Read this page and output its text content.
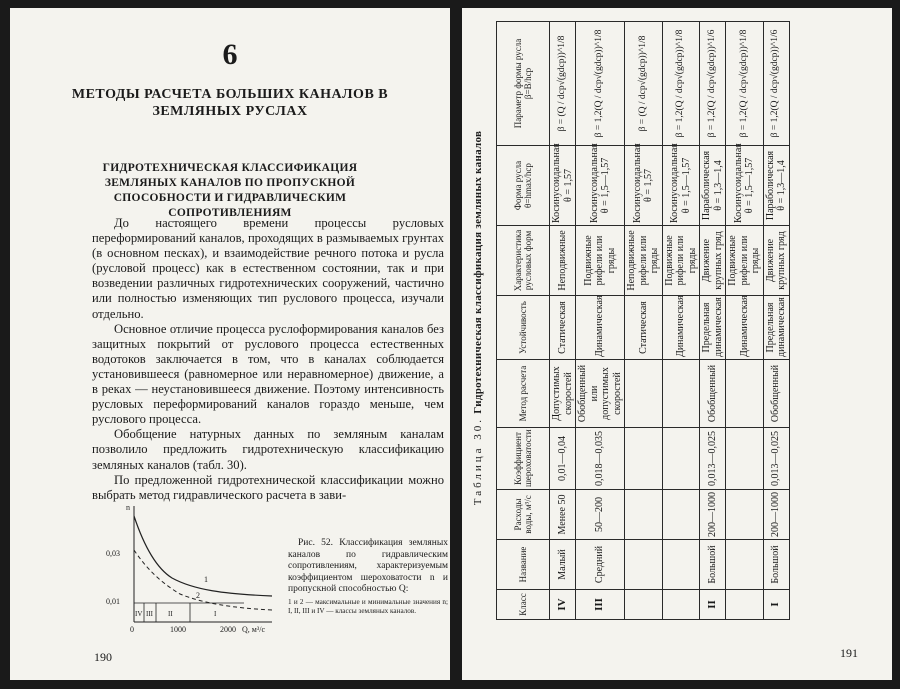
6
МЕТОДЫ РАСЧЕТА БОЛЬШИХ КАНАЛОВ В ЗЕМЛЯНЫХ РУСЛАХ
ГИДРОТЕХНИЧЕСКАЯ КЛАССИФИКАЦИЯ ЗЕМЛЯНЫХ КАНАЛОВ ПО ПРОПУСКНОЙ СПОСОБНОСТИ И ГИДРАВЛИЧЕСКИМ СОПРОТИВЛЕНИЯМ

До настоящего времени процессы русловых переформирований каналов, проходящих в размываемых грунтах (в основном песках), и взаимодействие речного потока и русла (русловой процесс) как в естественном состоянии, так и при возведении различных гидротехнических сооружений, частично или полностью изменяющих тип руслового процесса, изучали отдельно.

Основное отличие процесса руслоформирования каналов без защитных покрытий от руслового процесса естественных водотоков заключается в том, что в каналах соблюдается установившееся (равномерное или неравномерное) движение, а в реках — неустановившееся движение. Поэтому интенсивность русловых переформирований каналов гораздо меньше, чем руслового процесса.

Обобщение натурных данных по земляным каналам позволило предложить гидротехническую классификацию земляных каналов (табл. 30).

По предложенной гидротехнической классификации можно выбрать метод гидравлического расчета в зави-

n
0,03
0,01
0	1000	2000 Q, м³/с
1
2
IV III II	I
Рис. 52. Классификация земляных каналов по гидравлическим сопротивлениям, характеризуемым коэффициентом шероховатости n и пропускной способностью Q:
1 и 2 — максимальные и минимальные значения n; I, II, III и IV — классы земляных каналов.
190
Таблица 30. Гидротехническая классификация земляных каналов
Класс	Название	Расходы воды, м³/с	Коэффициент шероховатости	Метод расчета	Устойчивость	Характеристика русловых форм	Форма русла θ=hmax/hср	Параметр формы русла β=B/hср
IV	Малый	Менее 50	0,01—0,04	Допустимых скоростей	Статическая	Неподвижные	Косинусоидальная θ = 1,57	β = (Q / dср√(gdср))^1/8
III	Средний	50—200	0,018—0,035	Обобщенный или допустимых скоростей	Динамическая	Подвижные рифели или гряды	Косинусоидальная θ = 1,5—1,57	β = 1,2(Q / dср√(gdср))^1/8
					Статическая	Неподвижные рифели или гряды	Косинусоидальная θ = 1,57	β = (Q / dср√(gdср))^1/8
					Динамическая	Подвижные рифели или гряды	Косинусоидальная θ = 1,5—1,57	β = 1,2(Q / dср√(gdср))^1/8
II	Большой	200—1000	0,013—0,025	Обобщенный	Предельная динамическая	Движение крупных гряд	Параболическая θ = 1,3—1,4	β = 1,2(Q / dср√(gdср))^1/6
					Динамическая	Подвижные рифели или гряды	Косинусоидальная θ = 1,5—1,57	β = 1,2(Q / dср√(gdср))^1/8
I	Большой	200—1000	0,013—0,025	Обобщенный	Предельная динамическая	Движение крупных гряд	Параболическая θ = 1,3—1,4	β = 1,2(Q / dср√(gdср))^1/6
191
